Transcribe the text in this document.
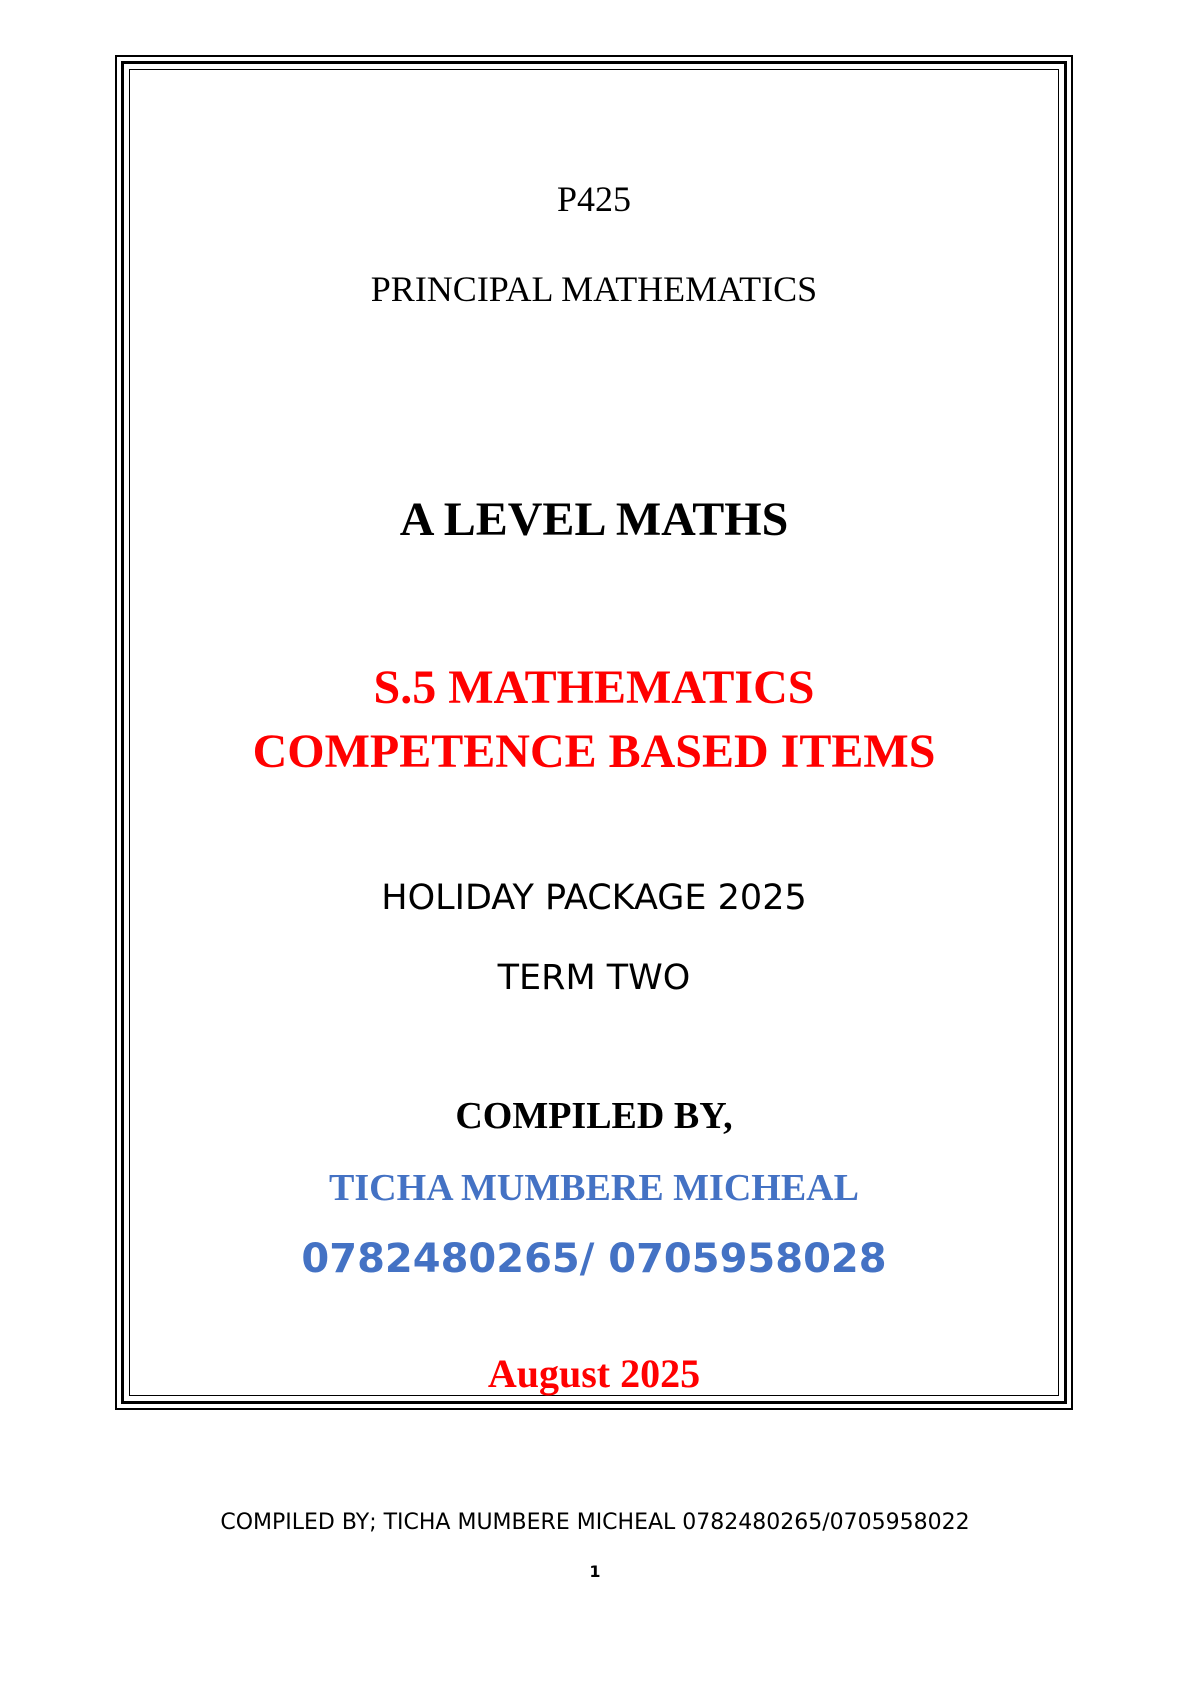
P425

PRINCIPAL MATHEMATICS

A LEVEL MATHS

S.5 MATHEMATICS

COMPETENCE BASED ITEMS

HOLIDAY PACKAGE 2025

TERM TWO

COMPILED BY,

TICHA MUMBERE MICHEAL

0782480265/ 0705958028

August 2025

COMPILED BY; TICHA MUMBERE MICHEAL 0782480265/0705958022
1
